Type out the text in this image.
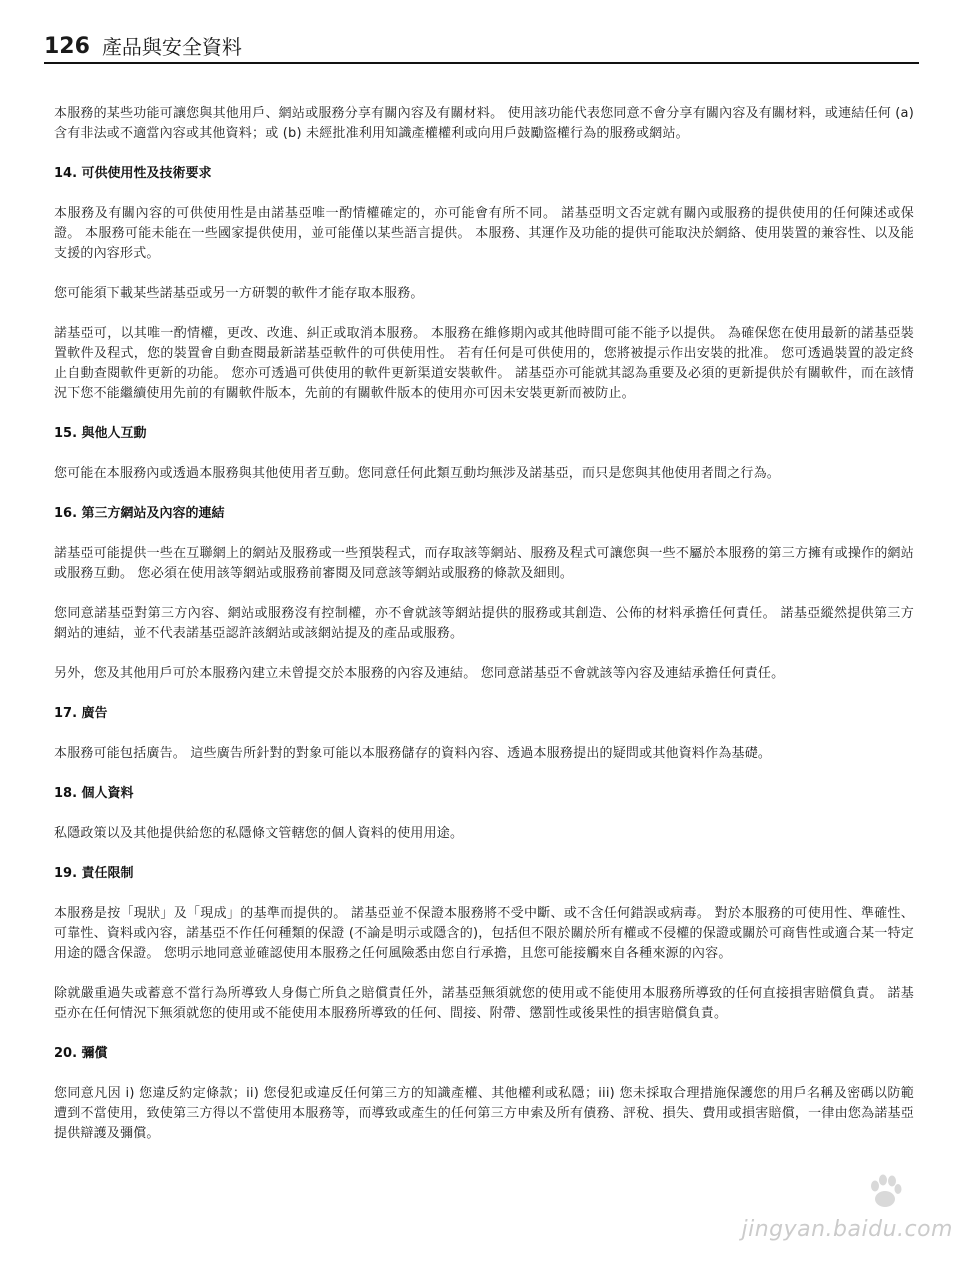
126 產品與安全資料

本服務的某些功能可讓您與其他用戶、網站或服務分享有關內容及有關材料。 使用該功能代表您同意不會分享有關內容及有關材料，或連結任何 (a) 含有非法或不適當內容或其他資料；或 (b) 未經批准利用知識產權權利或向用戶鼓勵盜權行為的服務或網站。

14. 可供使用性及技術要求

本服務及有關內容的可供使用性是由諾基亞唯一酌情權確定的，亦可能會有所不同。 諾基亞明文否定就有關內或服務的提供使用的任何陳述或保證。 本服務可能未能在一些國家提供使用，並可能僅以某些語言提供。 本服務、其運作及功能的提供可能取決於網絡、使用裝置的兼容性、以及能支援的內容形式。

您可能須下載某些諾基亞或另一方研製的軟件才能存取本服務。

諾基亞可，以其唯一酌情權，更改、改進、糾正或取消本服務。 本服務在維修期內或其他時間可能不能予以提供。 為確保您在使用最新的諾基亞裝置軟件及程式，您的裝置會自動查閱最新諾基亞軟件的可供使用性。 若有任何是可供使用的，您將被提示作出安裝的批准。 您可透過裝置的設定終止自動查閱軟件更新的功能。 您亦可透過可供使用的軟件更新渠道安裝軟件。 諾基亞亦可能就其認為重要及必須的更新提供於有關軟件，而在該情況下您不能繼續使用先前的有關軟件版本，先前的有關軟件版本的使用亦可因未安裝更新而被防止。

15. 與他人互動

您可能在本服務內或透過本服務與其他使用者互動。您同意任何此類互動均無涉及諾基亞，而只是您與其他使用者間之行為。

16. 第三方網站及內容的連結

諾基亞可能提供一些在互聯網上的網站及服務或一些預裝程式，而存取該等網站、服務及程式可讓您與一些不屬於本服務的第三方擁有或操作的網站或服務互動。 您必須在使用該等網站或服務前審閱及同意該等網站或服務的條款及細則。

您同意諾基亞對第三方內容、網站或服務沒有控制權，亦不會就該等網站提供的服務或其創造、公佈的材料承擔任何責任。 諾基亞縱然提供第三方網站的連結，並不代表諾基亞認許該網站或該網站提及的產品或服務。

另外，您及其他用戶可於本服務內建立未曾提交於本服務的內容及連結。 您同意諾基亞不會就該等內容及連結承擔任何責任。

17. 廣告

本服務可能包括廣告。 這些廣告所針對的對象可能以本服務儲存的資料內容、透過本服務提出的疑問或其他資料作為基礎。

18. 個人資料

私隱政策以及其他提供給您的私隱條文管轄您的個人資料的使用用途。

19. 責任限制

本服務是按「現狀」及「現成」的基準而提供的。 諾基亞並不保證本服務將不受中斷、或不含任何錯誤或病毒。 對於本服務的可使用性、準確性、可靠性、資料或內容，諾基亞不作任何種類的保證 (不論是明示或隱含的)，包括但不限於關於所有權或不侵權的保證或關於可商售性或適合某一特定用途的隱含保證。 您明示地同意並確認使用本服務之任何風險悉由您自行承擔，且您可能接觸來自各種來源的內容。

除就嚴重過失或蓄意不當行為所導致人身傷亡所負之賠償責任外，諾基亞無須就您的使用或不能使用本服務所導致的任何直接損害賠償負責。 諾基亞亦在任何情況下無須就您的使用或不能使用本服務所導致的任何、間接、附帶、懲罰性或後果性的損害賠償負責。

20. 彌償

您同意凡因 i) 您違反約定條款；ii) 您侵犯或違反任何第三方的知識產權、其他權利或私隱；iii) 您未採取合理措施保護您的用戶名稱及密碼以防範遭到不當使用，致使第三方得以不當使用本服務等，而導致或產生的任何第三方申索及所有債務、評稅、損失、費用或損害賠償，一律由您為諾基亞提供辯護及彌償。

jingyan.baidu.com
